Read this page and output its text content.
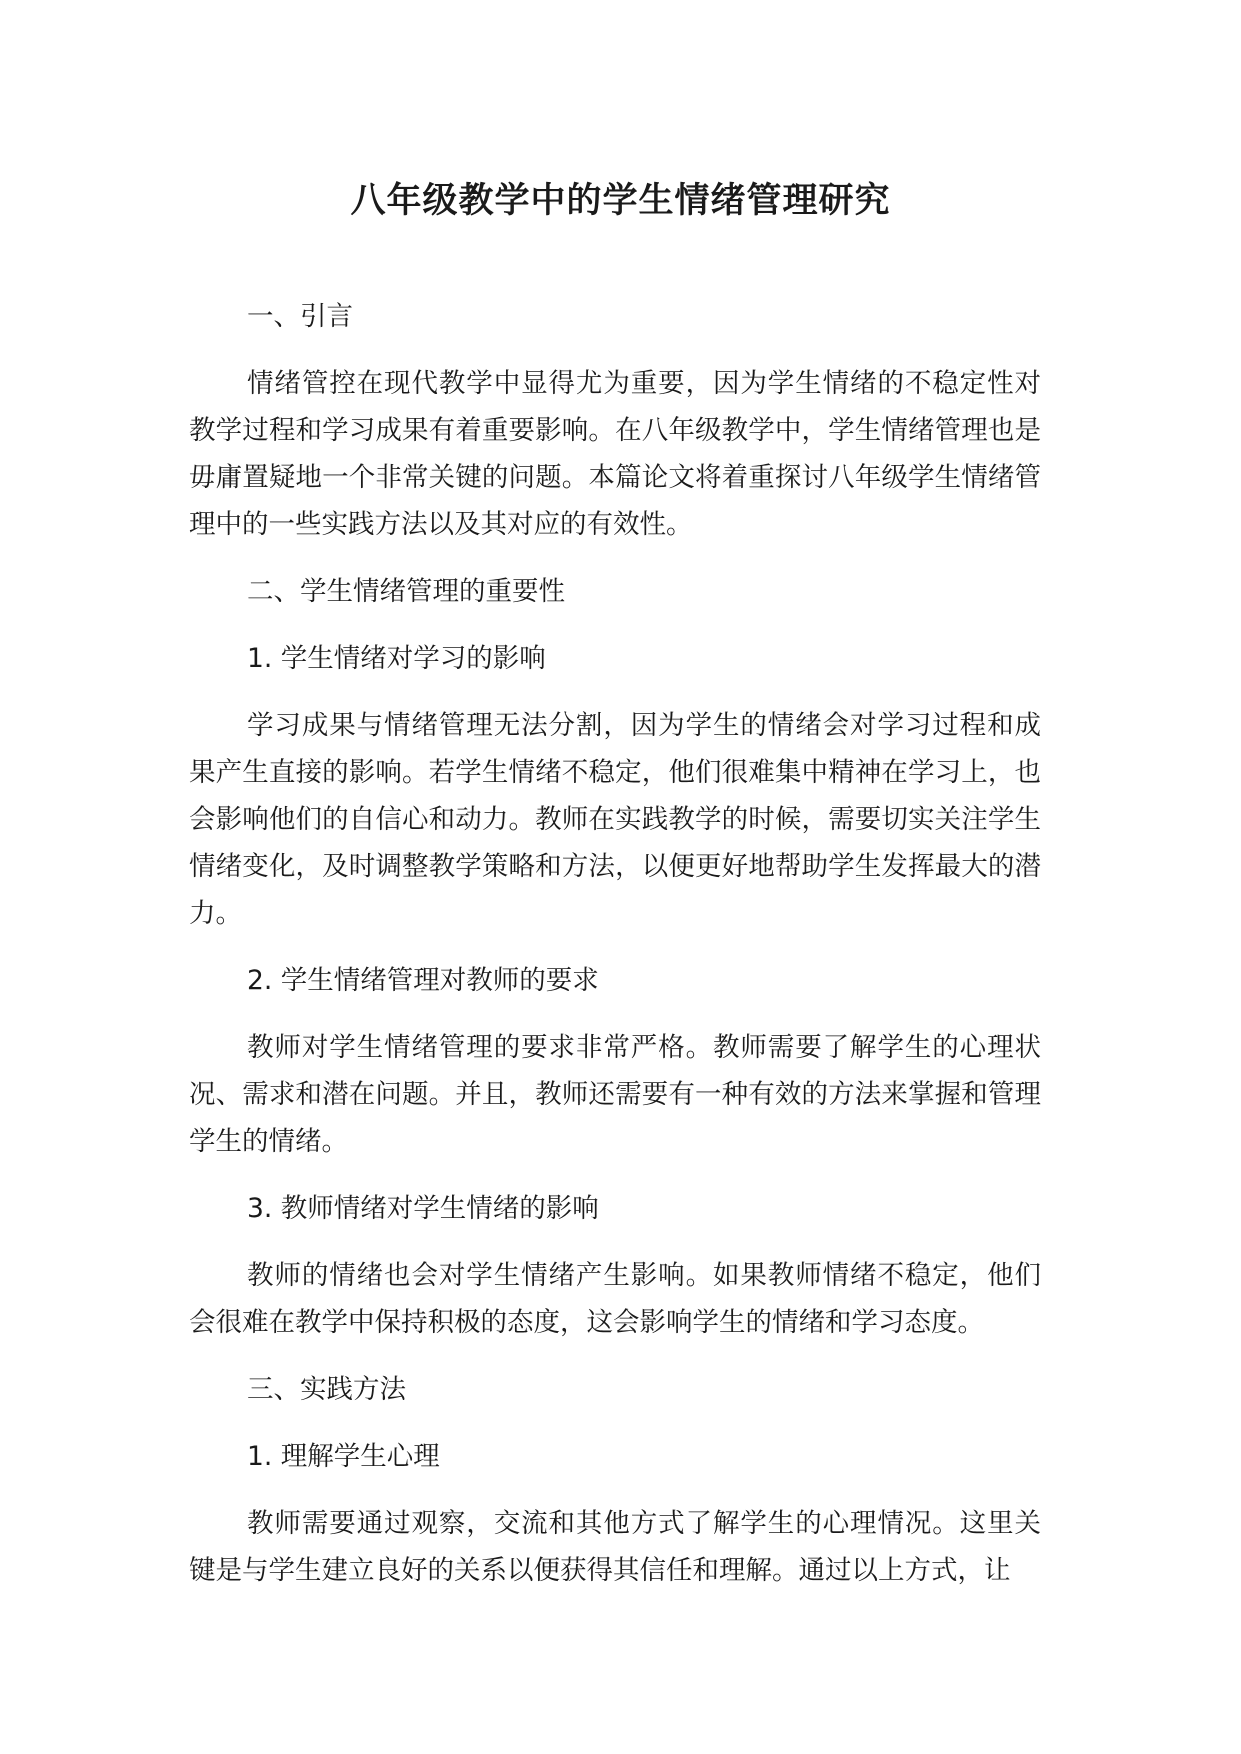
八年级教学中的学生情绪管理研究
一、引言

情绪管控在现代教学中显得尤为重要，因为学生情绪的不稳定性对教学过程和学习成果有着重要影响。在八年级教学中，学生情绪管理也是毋庸置疑地一个非常关键的问题。本篇论文将着重探讨八年级学生情绪管理中的一些实践方法以及其对应的有效性。

二、学生情绪管理的重要性
1. 学生情绪对学习的影响

学习成果与情绪管理无法分割，因为学生的情绪会对学习过程和成果产生直接的影响。若学生情绪不稳定，他们很难集中精神在学习上，也会影响他们的自信心和动力。教师在实践教学的时候，需要切实关注学生情绪变化，及时调整教学策略和方法，以便更好地帮助学生发挥最大的潜力。

2. 学生情绪管理对教师的要求

教师对学生情绪管理的要求非常严格。教师需要了解学生的心理状况、需求和潜在问题。并且，教师还需要有一种有效的方法来掌握和管理学生的情绪。

3. 教师情绪对学生情绪的影响

教师的情绪也会对学生情绪产生影响。如果教师情绪不稳定，他们会很难在教学中保持积极的态度，这会影响学生的情绪和学习态度。

三、实践方法
1. 理解学生心理

教师需要通过观察，交流和其他方式了解学生的心理情况。这里关键是与学生建立良好的关系以便获得其信任和理解。通过以上方式，让
